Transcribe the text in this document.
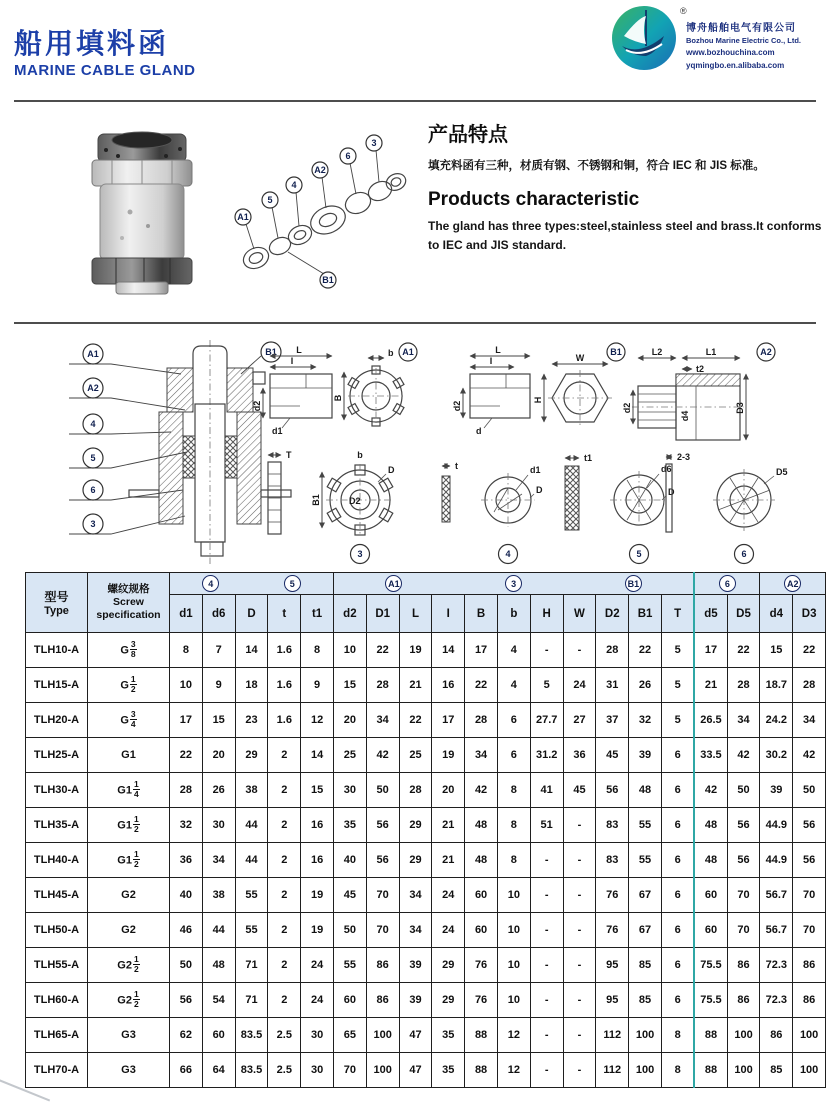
船用填料函
MARINE CABLE GLAND
博舟船舶电气有限公司
Bozhou Marine Electric Co., Ltd.
www.bozhouchina.com
yqmingbo.en.alibaba.com
®
A1
5
4
A2
6
3
B1
产品特点

填充料函有三种，材质有钢、不锈钢和铜，符合 IEC 和 JIS 标准。

Products characteristic

The gland has three types:steel,stainless steel and brass.It conforms to IEC and JIS standard.

A1
A2
4
5
6
3
B1 L
I
d2
d1
b
B
A1
T	b
D
B1	D2
3
t	d1
D
4
L
I
d2
d
W
H
B1
t1
d6
D
5
L2	L1
t2
d2
d4
D3
A2
2-3
D5
6
型号
Type

螺纹规格
Screw
specification

4	5	A1	3	B1	6	A2

		d1	d6	D	t	t1	d2	D1	L	I	B	b	H	W	D2	B1	T	d5	D5	d4	D3
TLH10-A	G $\frac{3}{8}$	8	7	14	1.6	8	10	22	19	14	17	4	-	-	28	22	5	17	22	15	22
TLH15-A	G $\frac{1}{2}$	10	9	18	1.6	9	15	28	21	16	22	4	5	24	31	26	5	21	28	18.7	28
TLH20-A	G $\frac{3}{4}$	17	15	23	1.6	12	20	34	22	17	28	6	27.7	27	37	32	5	26.5	34	24.2	34
TLH25-A	G1	22	20	29	2	14	25	42	25	19	34	6	31.2	36	45	39	6	33.5	42	30.2	42
TLH30-A	$G1 \frac{1}{4}$	28	26	38	2	15	30	50	28	20	42	8	41	45	56	48	6	42	50	39	50
TLH35-A	$G1 \frac{1}{2}$	32	30	44	2	16	35	56	29	21	48	8	51	-	83	55	6	48	56	44.9	56
TLH40-A	$G1 \frac{1}{2}$	36	34	44	2	16	40	56	29	21	48	8	-	-	83	55	6	48	56	44.9	56
TLH45-A	G2	40	38	55	2	19	45	70	34	24	60	10	-	-	76	67	6	60	70	56.7	70
TLH50-A	G2	46	44	55	2	19	50	70	34	24	60	10	-	-	76	67	6	60	70	56.7	70
TLH55-A	$G2 \frac{1}{2}$	50	48	71	2	24	55	86	39	29	76	10	-	-	95	85	6	75.5	86	72.3	86
TLH60-A	$G2 \frac{1}{2}$	56	54	71	2	24	60	86	39	29	76	10	-	-	95	85	6	75.5	86	72.3	86
TLH65-A	G3	62	60	83.5	2.5	30	65	100	47	35	88	12	-	-	112	100	8	88	100	86	100
TLH70-A	G3	66	64	83.5	2.5	30	70	100	47	35	88	12	-	-	112	100	8	88	100	85	100
